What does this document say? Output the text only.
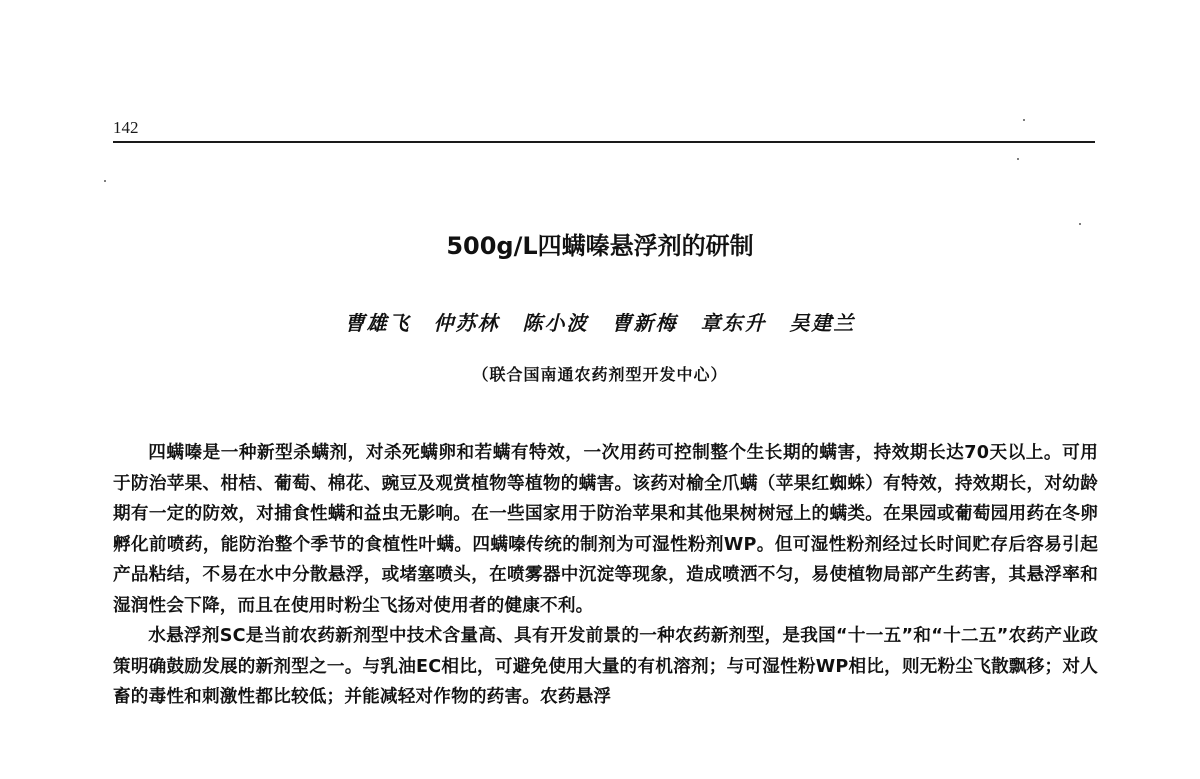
142
500g/L四螨嗪悬浮剂的研制
曹雄飞 仲苏林 陈小波 曹新梅 章东升 吴建兰
（联合国南通农药剂型开发中心）

四螨嗪是一种新型杀螨剂，对杀死螨卵和若螨有特效，一次用药可控制整个生长期的螨害，持效期长达70天以上。可用于防治苹果、柑桔、葡萄、棉花、豌豆及观赏植物等植物的螨害。该药对榆全爪螨（苹果红蜘蛛）有特效，持效期长，对幼龄期有一定的防效，对捕食性螨和益虫无影响。在一些国家用于防治苹果和其他果树树冠上的螨类。在果园或葡萄园用药在冬卵孵化前喷药，能防治整个季节的食植性叶螨。四螨嗪传统的制剂为可湿性粉剂WP。但可湿性粉剂经过长时间贮存后容易引起产品粘结，不易在水中分散悬浮，或堵塞喷头，在喷雾器中沉淀等现象，造成喷洒不匀，易使植物局部产生药害，其悬浮率和湿润性会下降，而且在使用时粉尘飞扬对使用者的健康不利。

水悬浮剂SC是当前农药新剂型中技术含量高、具有开发前景的一种农药新剂型，是我国“十一五”和“十二五”农药产业政策明确鼓励发展的新剂型之一。与乳油EC相比，可避免使用大量的有机溶剂；与可湿性粉WP相比，则无粉尘飞散飘移；对人畜的毒性和刺激性都比较低；并能减轻对作物的药害。农药悬浮
